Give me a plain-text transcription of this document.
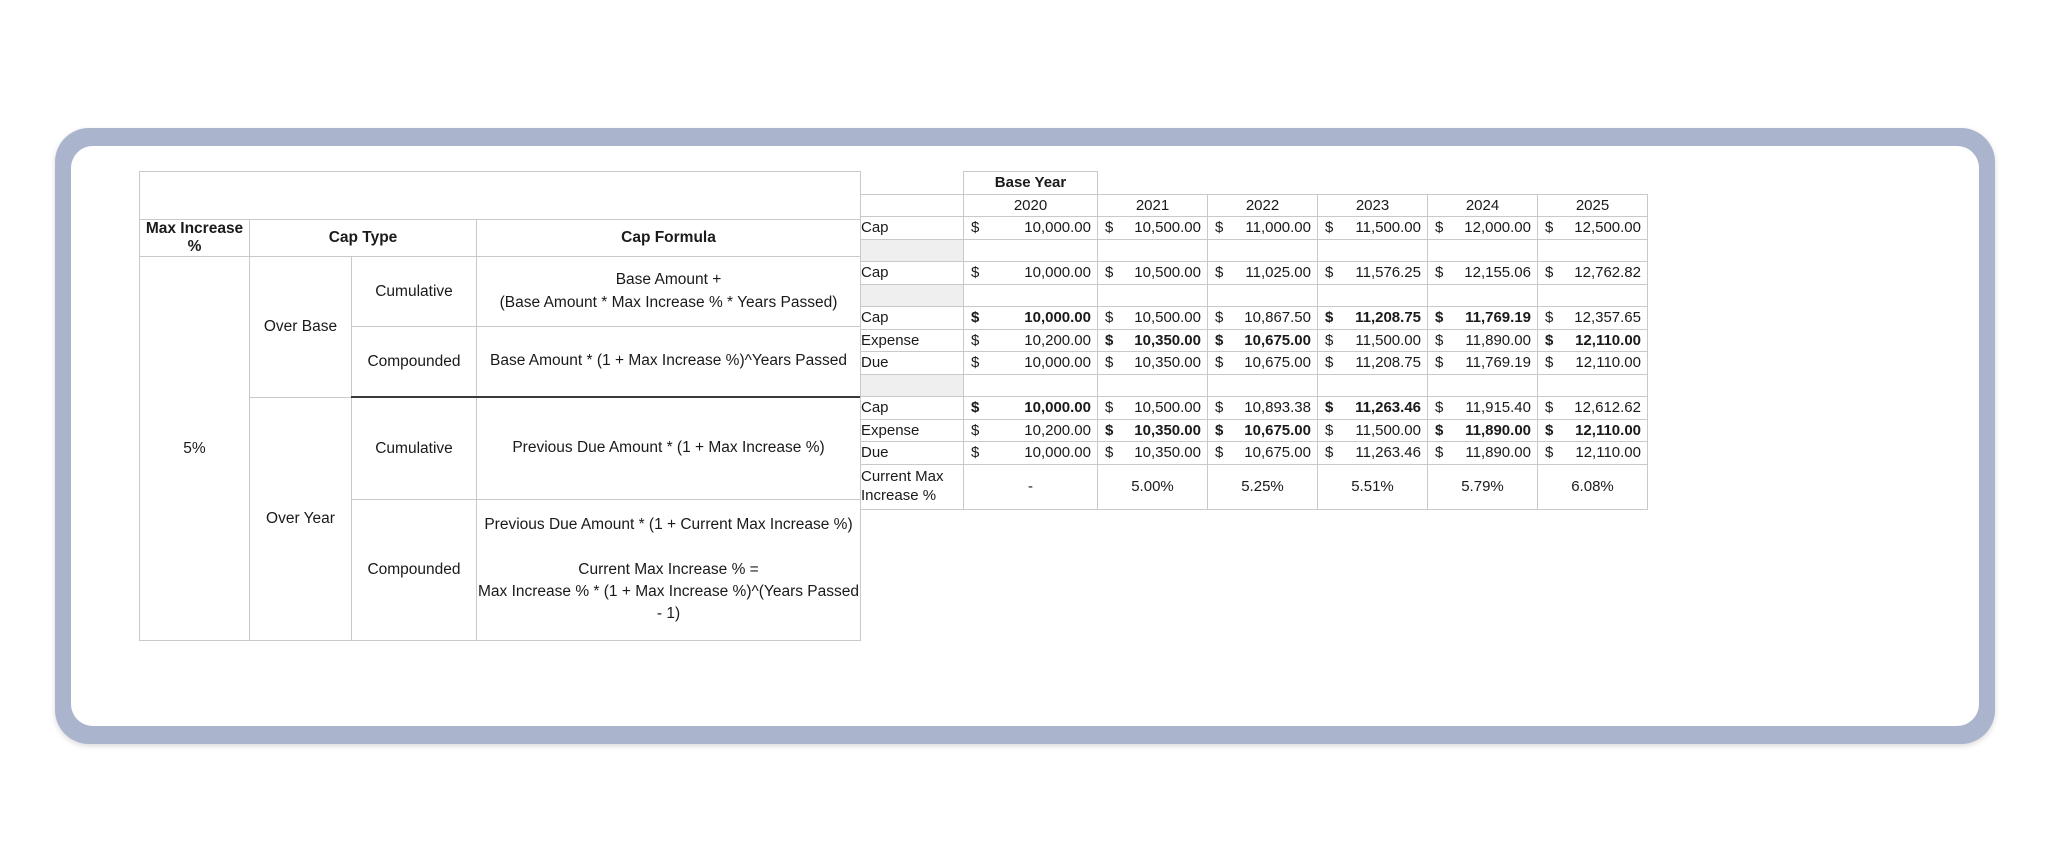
Cap Types			
Max Increase %	Cap Type		Cap Formula
5%	Over Base	Cumulative	Base Amount +
(Base Amount * Max Increase % * Years Passed)

		Compounded	Base Amount * (1 + Max Increase %)^Years Passed

	Over Year	Cumulative	Previous Due Amount * (1 + Max Increase %)

		Compounded	Previous Due Amount * (1 + Current Max Increase %)
Current Max Increase % =
Max Increase % * (1 + Max Increase %)^(Years Passed - 1)
	Base Year					
	2020	2021	2022	2023	2024	2025
Cap	$ 10,000.00	$ 10,500.00	$ 11,000.00	$ 11,500.00	$ 12,000.00	$ 12,500.00

Cap	$ 10,000.00	$ 10,500.00	$ 11,025.00	$ 11,576.25	$ 12,155.06	$ 12,762.82

Cap	$ 10,000.00	$ 10,500.00	$ 10,867.50	$ 11,208.75	$ 11,769.19	$ 12,357.65

Expense	$ 10,200.00	$ 10,350.00	$ 10,675.00	$ 11,500.00	$ 11,890.00	$ 12,110.00

Due	$ 10,000.00	$ 10,350.00	$ 10,675.00	$ 11,208.75	$ 11,769.19	$ 12,110.00

Cap	$ 10,000.00	$ 10,500.00	$ 10,893.38	$ 11,263.46	$ 11,915.40	$ 12,612.62

Expense	$ 10,200.00	$ 10,350.00	$ 10,675.00	$ 11,500.00	$ 11,890.00	$ 12,110.00

Due	$ 10,000.00	$ 10,350.00	$ 10,675.00	$ 11,263.46	$ 11,890.00	$ 12,110.00

Current Max
Increase %	-	5.00%	5.25%	5.51%	5.79%	6.08%
